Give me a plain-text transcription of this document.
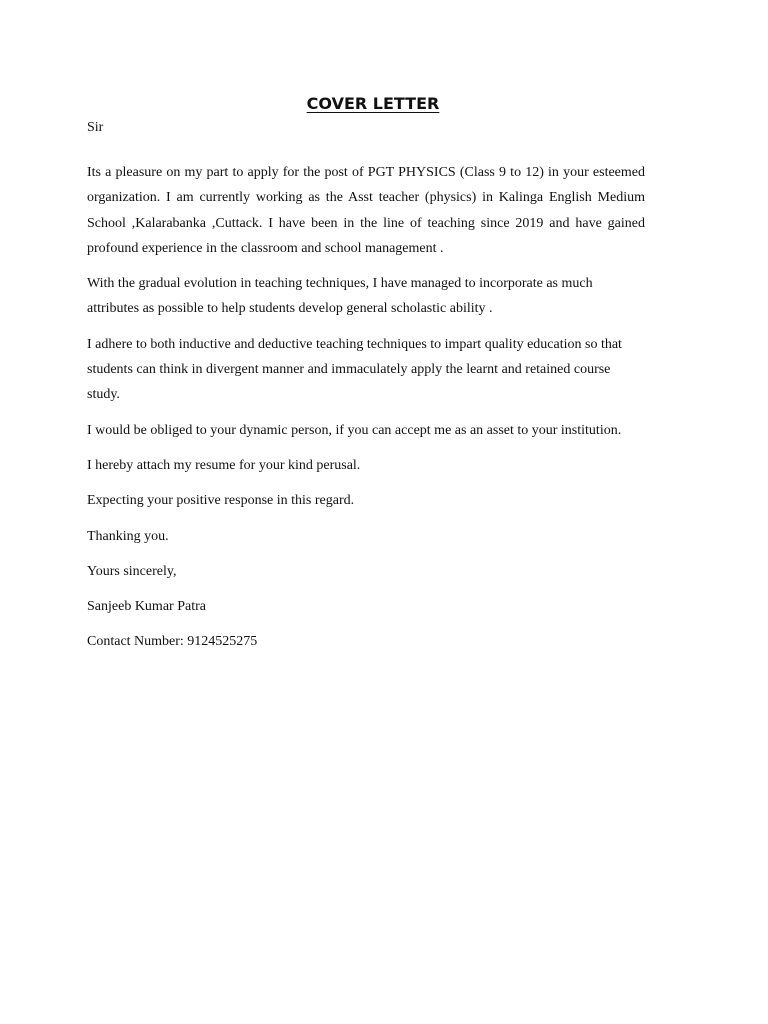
COVER LETTER

Sir

Its a pleasure on my part to apply for the post of PGT PHYSICS (Class 9 to 12) in your esteemed organization. I am currently working as the Asst teacher (physics) in Kalinga English Medium School ,Kalarabanka ,Cuttack. I have been in the line of teaching since 2019 and have gained profound experience in the classroom and school management .

With the gradual evolution in teaching techniques, I have managed to incorporate as much attributes as possible to help students develop general scholastic ability .

I adhere to both inductive and deductive teaching techniques to impart quality education so that students can think in divergent manner and immaculately apply the learnt and retained course study.

I would be obliged to your dynamic person, if you can accept me as an asset to your institution.

I hereby attach my resume for your kind perusal.

Expecting your positive response in this regard.

Thanking you.

Yours sincerely,

Sanjeeb Kumar Patra

Contact Number: 9124525275
